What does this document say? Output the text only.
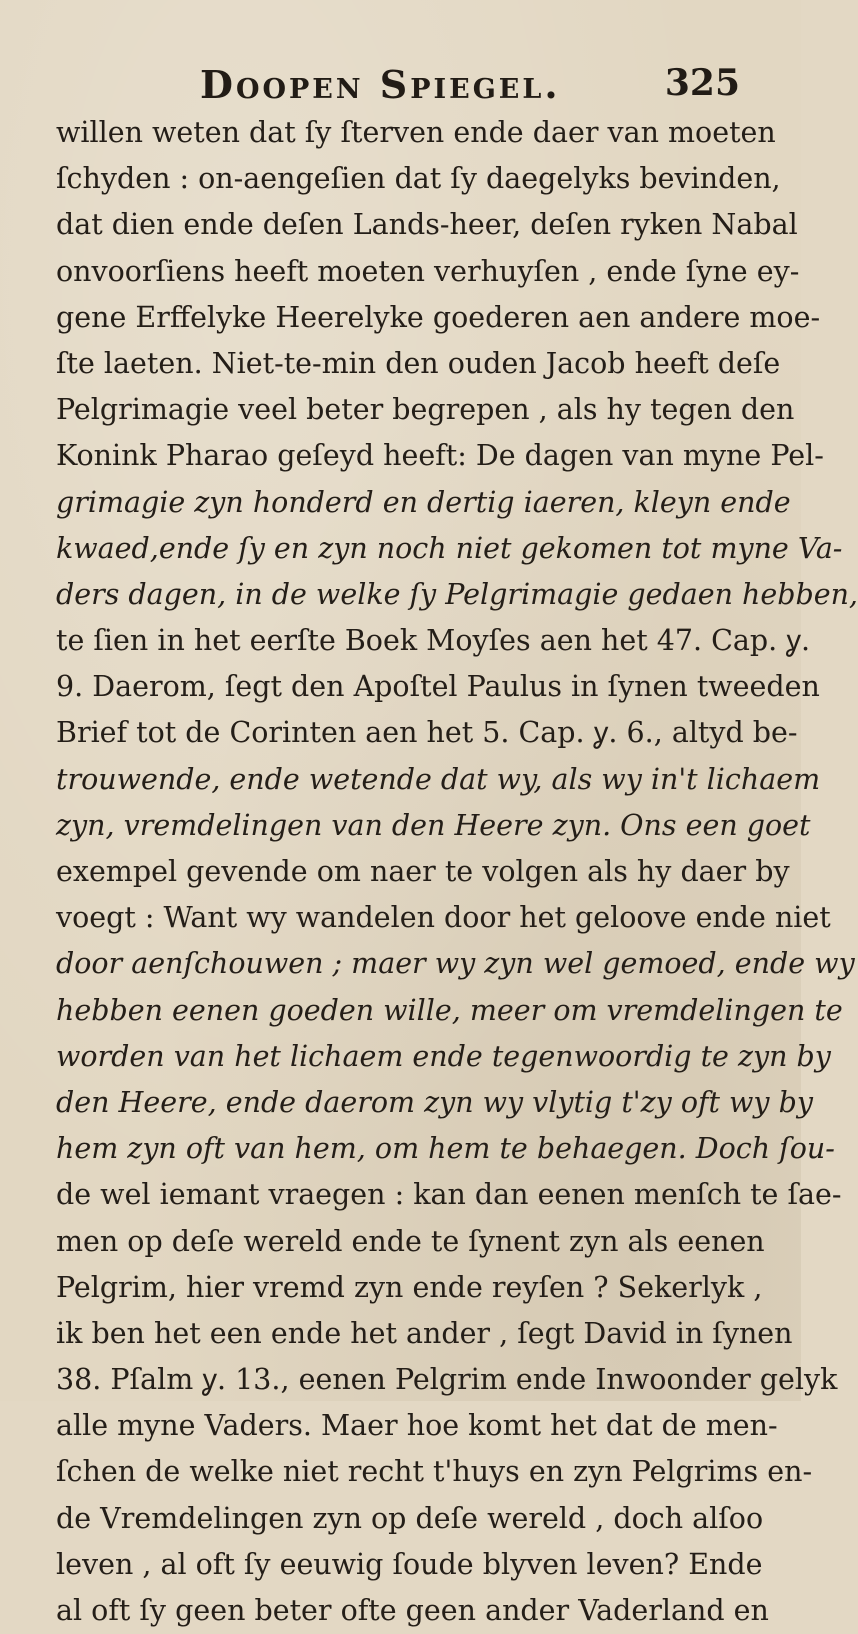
Doopen Spiegel.	325
willen weten dat ſy ſterven ende daer van moeten
ſchyden : on-aengeſien dat ſy daegelyks bevinden,
dat dien ende deſen Lands-heer, deſen ryken Nabal
onvoorſiens heeft moeten verhuyſen , ende ſyne ey-
gene Erffelyke Heerelyke goederen aen andere moe-
ſte laeten. Niet-te-min den ouden Jacob heeft deſe
Pelgrimagie veel beter begrepen , als hy tegen den
Konink Pharao geſeyd heeft: De dagen van myne Pel-
grimagie zyn honderd en dertig iaeren, kleyn ende
kwaed,ende ſy en zyn noch niet gekomen tot myne Va-
ders dagen, in de welke ſy Pelgrimagie gedaen hebben,
te ſien in het eerſte Boek Moyſes aen het 47. Cap. ỿ.
9. Daerom, ſegt den Apoſtel Paulus in ſynen tweeden
Brief tot de Corinten aen het 5. Cap. ỿ. 6., altyd be-
trouwende, ende wetende dat wy, als wy in't lichaem
zyn, vremdelingen van den Heere zyn. Ons een goet
exempel gevende om naer te volgen als hy daer by
voegt : Want wy wandelen door het geloove ende niet
door aenſchouwen ; maer wy zyn wel gemoed, ende wy
hebben eenen goeden wille, meer om vremdelingen te
worden van het lichaem ende tegenwoordig te zyn by
den Heere, ende daerom zyn wy vlytig t'zy oft wy by
hem zyn oft van hem, om hem te behaegen. Doch ſou-
de wel iemant vraegen : kan dan eenen menſch te ſae-
men op deſe wereld ende te ſynent zyn als eenen
Pelgrim, hier vremd zyn ende reyſen ? Sekerlyk ,
ik ben het een ende het ander , ſegt David in ſynen
38. Pſalm ỿ. 13., eenen Pelgrim ende Inwoonder gelyk
alle myne Vaders. Maer hoe komt het dat de men-
ſchen de welke niet recht t'huys en zyn Pelgrims en-
de Vremdelingen zyn op deſe wereld , doch alſoo
leven , al oft ſy eeuwig ſoude blyven leven? Ende
al oft ſy geen beter ofte geen ander Vaderland en
